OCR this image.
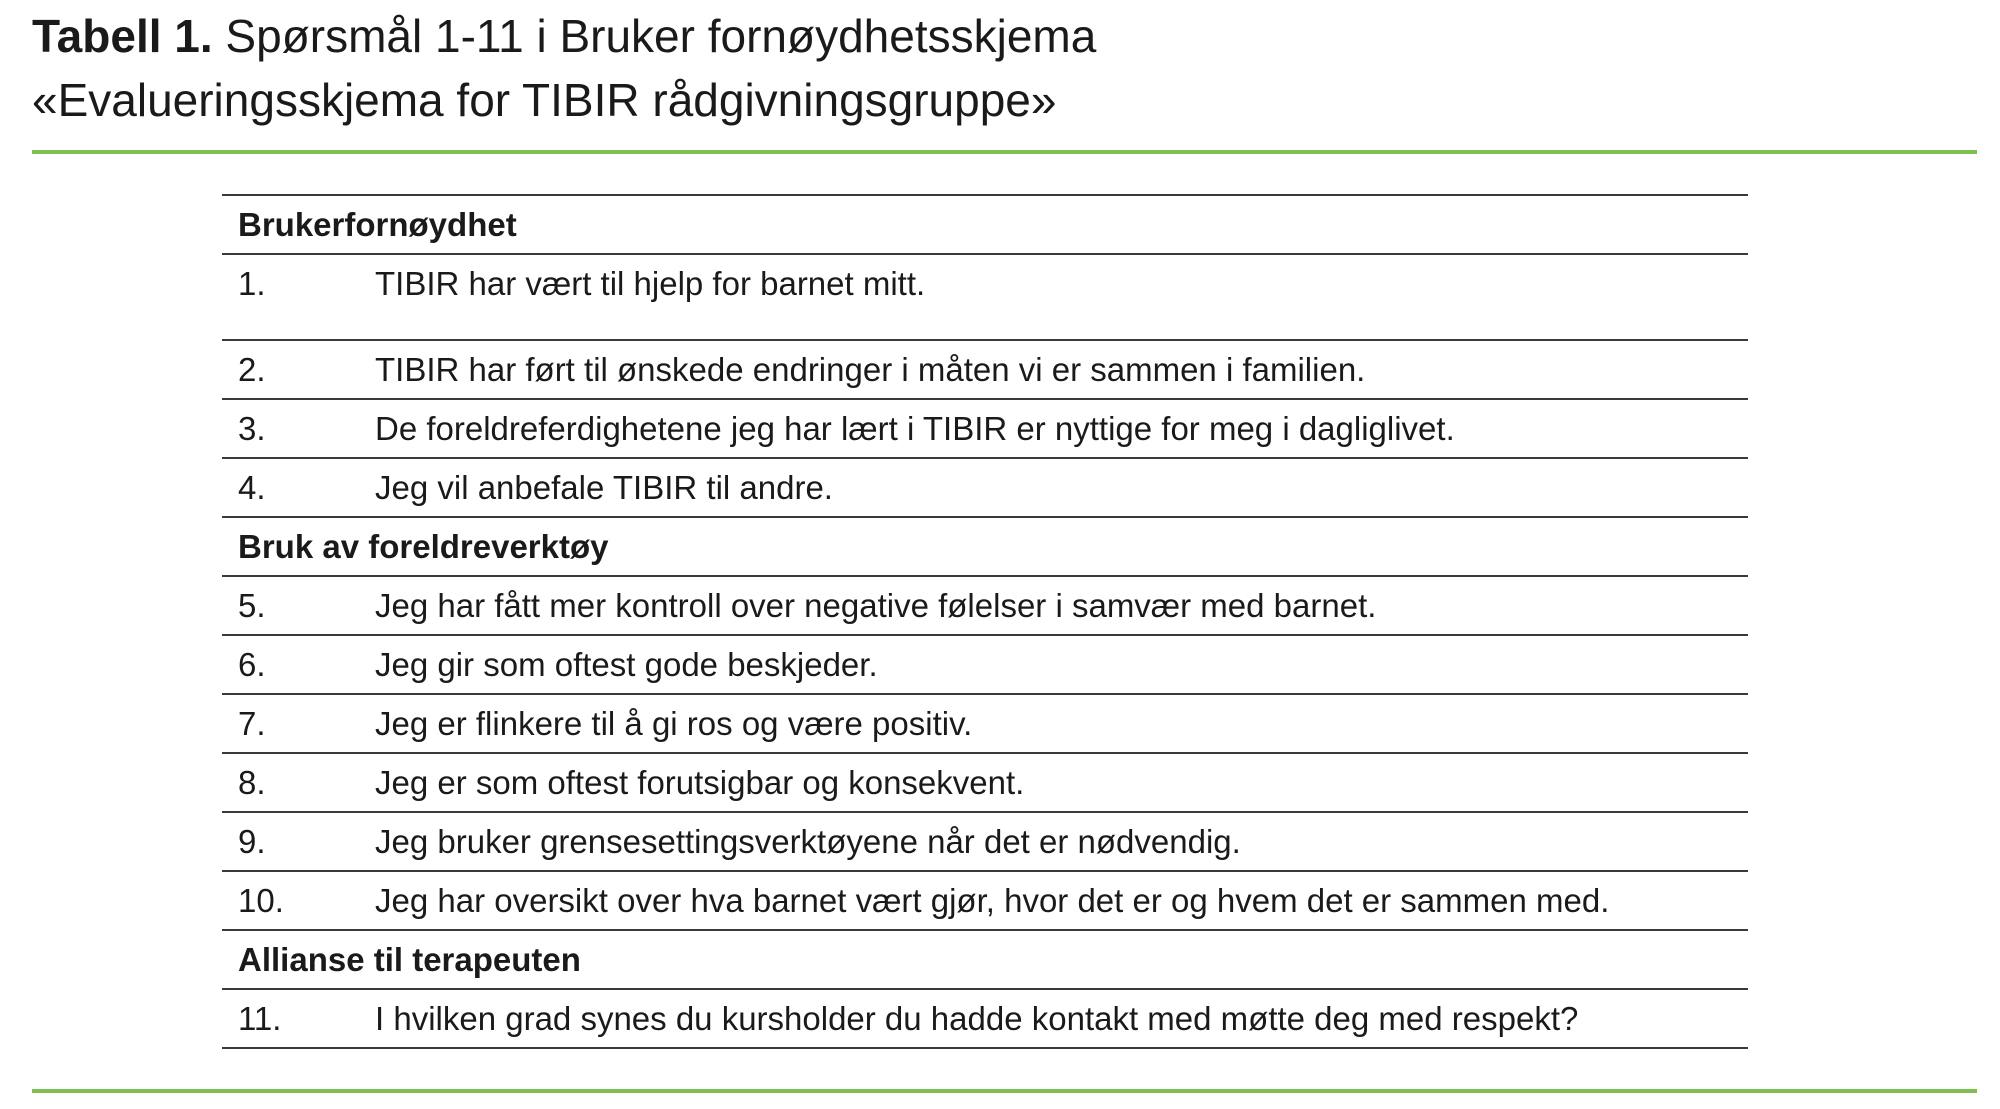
Tabell 1. Spørsmål 1-11 i Bruker fornøydhetsskjema
«Evalueringsskjema for TIBIR rådgivningsgruppe»
Brukerfornøydhet	
1.	TIBIR har vært til hjelp for barnet mitt.
2.	TIBIR har ført til ønskede endringer i måten vi er sammen i familien.
3.	De foreldreferdighetene jeg har lært i TIBIR er nyttige for meg i dagliglivet.
4.	Jeg vil anbefale TIBIR til andre.
Bruk av foreldreverktøy	
5.	Jeg har fått mer kontroll over negative følelser i samvær med barnet.
6.	Jeg gir som oftest gode beskjeder.
7.	Jeg er flinkere til å gi ros og være positiv.
8.	Jeg er som oftest forutsigbar og konsekvent.
9.	Jeg bruker grensesettingsverktøyene når det er nødvendig.
10.	Jeg har oversikt over hva barnet vært gjør, hvor det er og hvem det er sammen med.
Allianse til terapeuten	
11.	I hvilken grad synes du kursholder du hadde kontakt med møtte deg med respekt?
